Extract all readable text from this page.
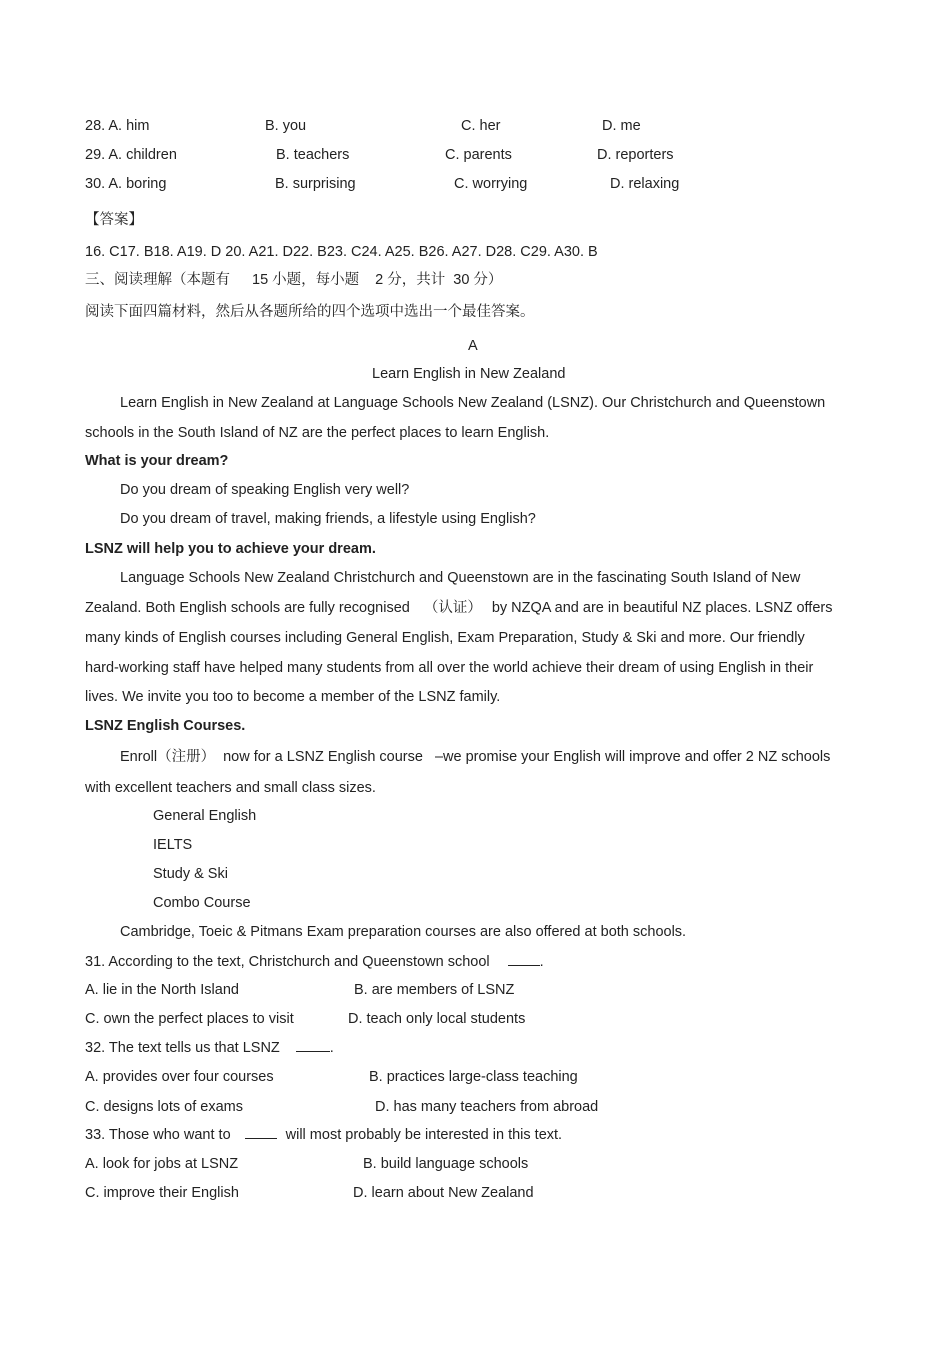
28. A. him	B. you	C. her	D. me
29. A. children	B. teachers	C. parents	D. reporters
30. A. boring	B. surprising	C. worrying	D. relaxing
【答案】
16. C17. B18. A19. D 20. A21. D22. B23. C24. A25. B26. A27. D28. C29. A30. B
三、阅读理解（本题有 15 小题，每小题 2 分，共计 30 分）
阅读下面四篇材料，然后从各题所给的四个选项中选出一个最佳答案。
A
Learn English in New Zealand
Learn English in New Zealand at Language Schools New Zealand (LSNZ). Our Christchurch and Queenstown
schools in the South Island of NZ are the perfect places to learn English.
What is your dream?
Do you dream of speaking English very well?
Do you dream of travel, making friends, a lifestyle using English?
LSNZ will help you to achieve your dream.
Language Schools New Zealand Christchurch and Queenstown are in the fascinating South Island of New
Zealand. Both English schools are fully recognised （认证） by NZQA and are in beautiful NZ places. LSNZ offers
many kinds of English courses including General English, Exam Preparation, Study & Ski and more. Our friendly
hard-working staff have helped many students from all over the world achieve their dream of using English in their
lives. We invite you too to become a member of the LSNZ family.
LSNZ English Courses.
Enroll（注册） now for a LSNZ English course –we promise your English will improve and offer 2 NZ schools
with excellent teachers and small class sizes.
General English
IELTS
Study & Ski
Combo Course
Cambridge, Toeic & Pitmans Exam preparation courses are also offered at both schools.
31. According to the text, Christchurch and Queenstown school	.
A. lie in the North Island	B. are members of LSNZ
C. own the perfect places to visit	D. teach only local students
32. The text tells us that LSNZ	.
A. provides over four courses	B. practices large-class teaching
C. designs lots of exams	D. has many teachers from abroad
33. Those who want to	will most probably be interested in this text.
A. look for jobs at LSNZ	B. build language schools
C. improve their English	D. learn about New Zealand
